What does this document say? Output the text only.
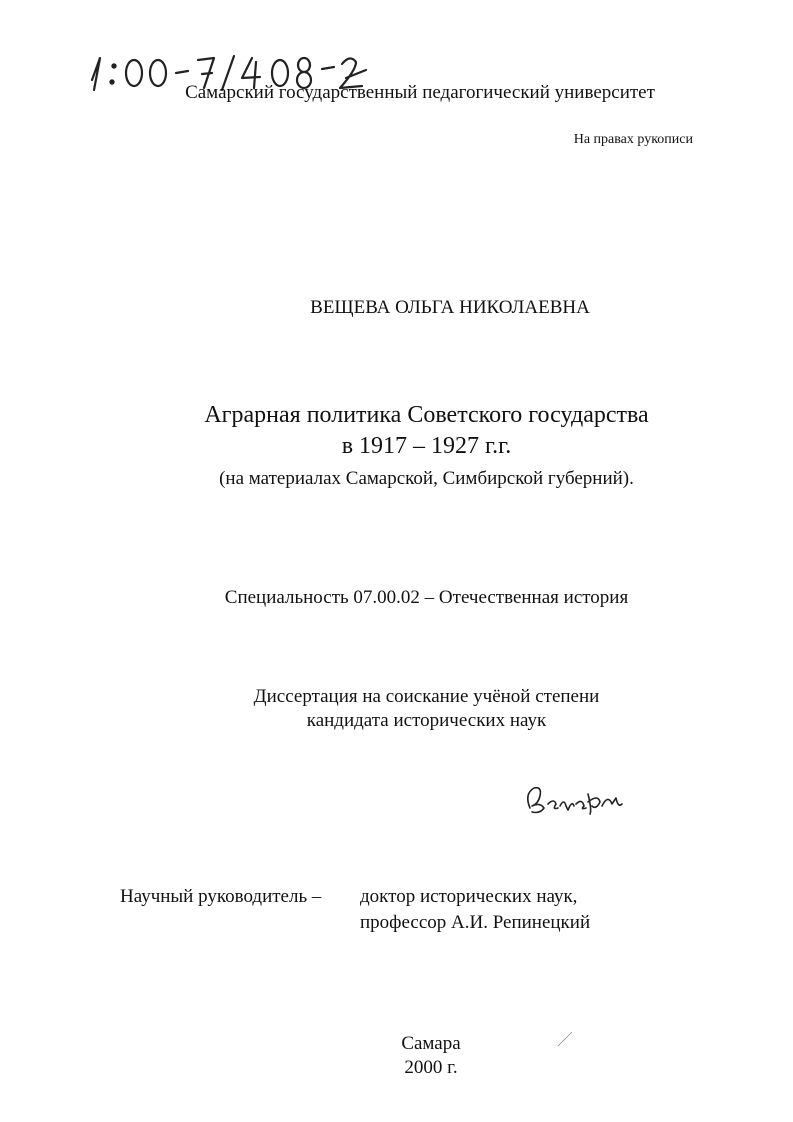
Самарский государственный педагогический университет
На правах рукописи
ВЕЩЕВА ОЛЬГА НИКОЛАЕВНА
Аграрная политика Советского государства
в 1917 – 1927 г.г.
(на материалах Самарской, Симбирской губерний).
Специальность 07.00.02 – Отечественная история
Диссертация на соискание учёной степени
кандидата исторических наук
Научный руководитель – доктор исторических наук,
профессор А.И. Репинецкий
Самара
2000 г.
